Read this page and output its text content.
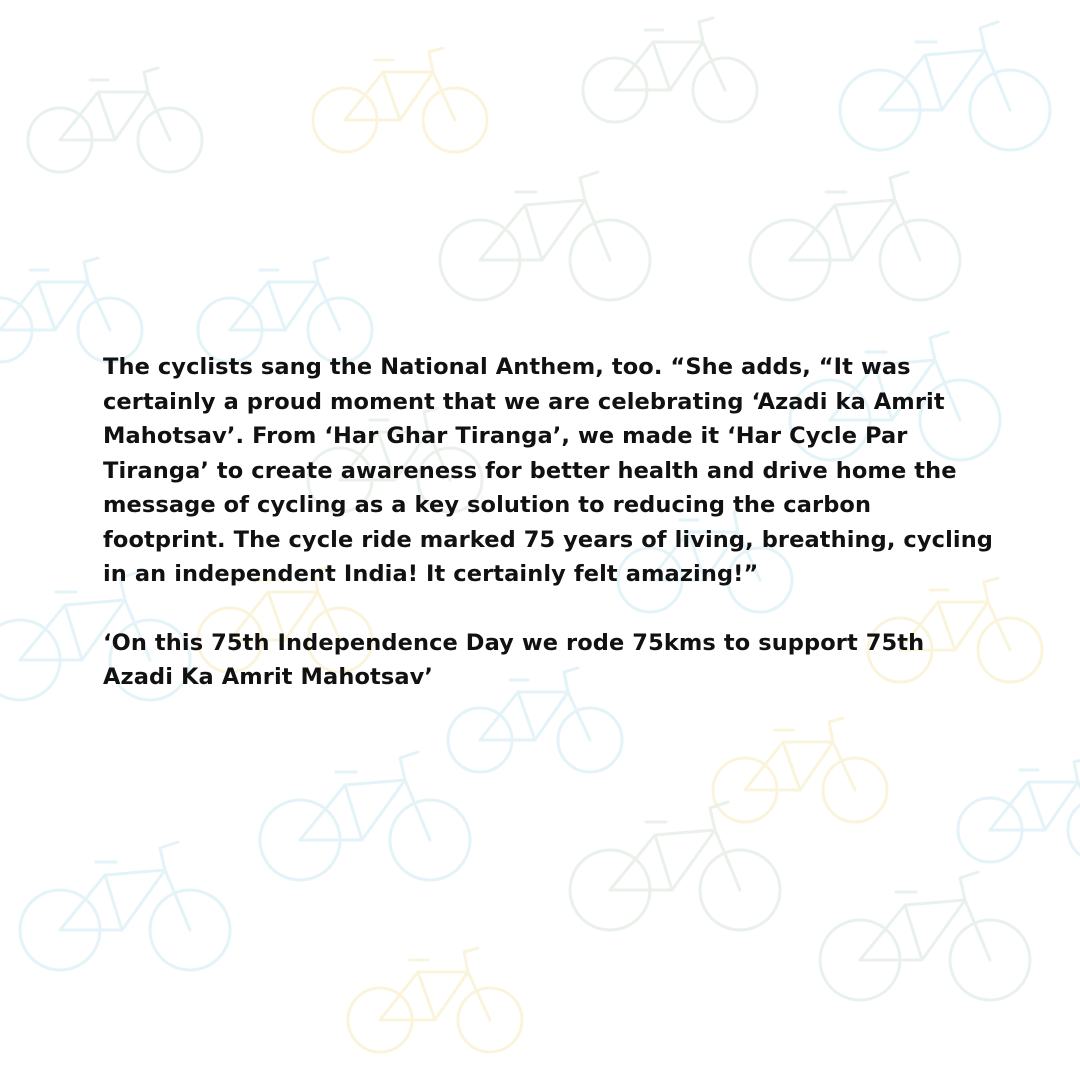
The cyclists sang the National Anthem, too. “She adds, “It was certainly a proud moment that we are celebrating ‘Azadi ka Amrit Mahotsav’. From ‘Har Ghar Tiranga’, we made it ‘Har Cycle Par Tiranga’ to create awareness for better health and drive home the message of cycling as a key solution to reducing the carbon footprint. The cycle ride marked 75 years of living, breathing, cycling in an independent India! It certainly felt amazing!”

‘On this 75th Independence Day we rode 75kms to support 75th Azadi Ka Amrit Mahotsav’
